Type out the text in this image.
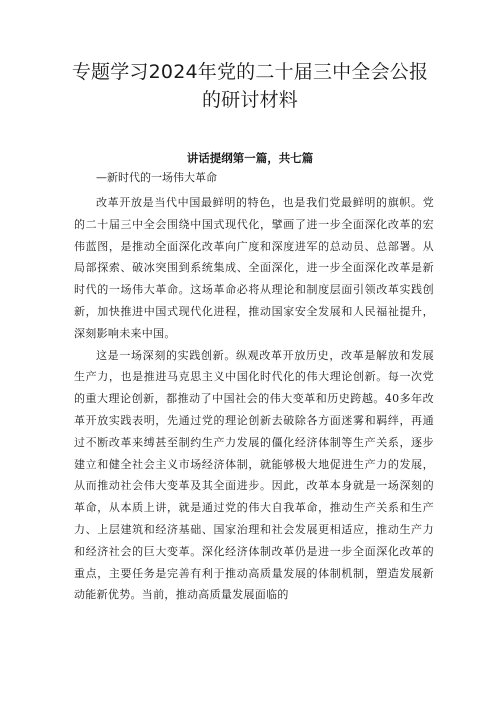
专题学习2024年党的二十届三中全会公报
的研讨材料
讲话提纲第一篇，共七篇

—新时代的一场伟大革命

改革开放是当代中国最鲜明的特色，也是我们党最鲜明的旗帜。党的二十届三中全会围绕中国式现代化，擘画了进一步全面深化改革的宏伟蓝图，是推动全面深化改革向广度和深度进军的总动员、总部署。从局部探索、破冰突围到系统集成、全面深化，进一步全面深化改革是新时代的一场伟大革命。这场革命必将从理论和制度层面引领改革实践创新，加快推进中国式现代化进程，推动国家安全发展和人民福祉提升，深刻影响未来中国。

这是一场深刻的实践创新。纵观改革开放历史，改革是解放和发展生产力，也是推进马克思主义中国化时代化的伟大理论创新。每一次党的重大理论创新，都推动了中国社会的伟大变革和历史跨越。40多年改革开放实践表明，先通过党的理论创新去破除各方面迷雾和羁绊，再通过不断改革来缚甚至制约生产力发展的僵化经济体制等生产关系，逐步建立和健全社会主义市场经济体制，就能够极大地促进生产力的发展，从而推动社会伟大变革及其全面进步。因此，改革本身就是一场深刻的革命，从本质上讲，就是通过党的伟大自我革命，推动生产关系和生产力、上层建筑和经济基础、国家治理和社会发展更相适应，推动生产力和经济社会的巨大变革。深化经济体制改革仍是进一步全面深化改革的重点，主要任务是完善有利于推动高质量发展的体制机制，塑造发展新动能新优势。当前，推动高质量发展面临的
